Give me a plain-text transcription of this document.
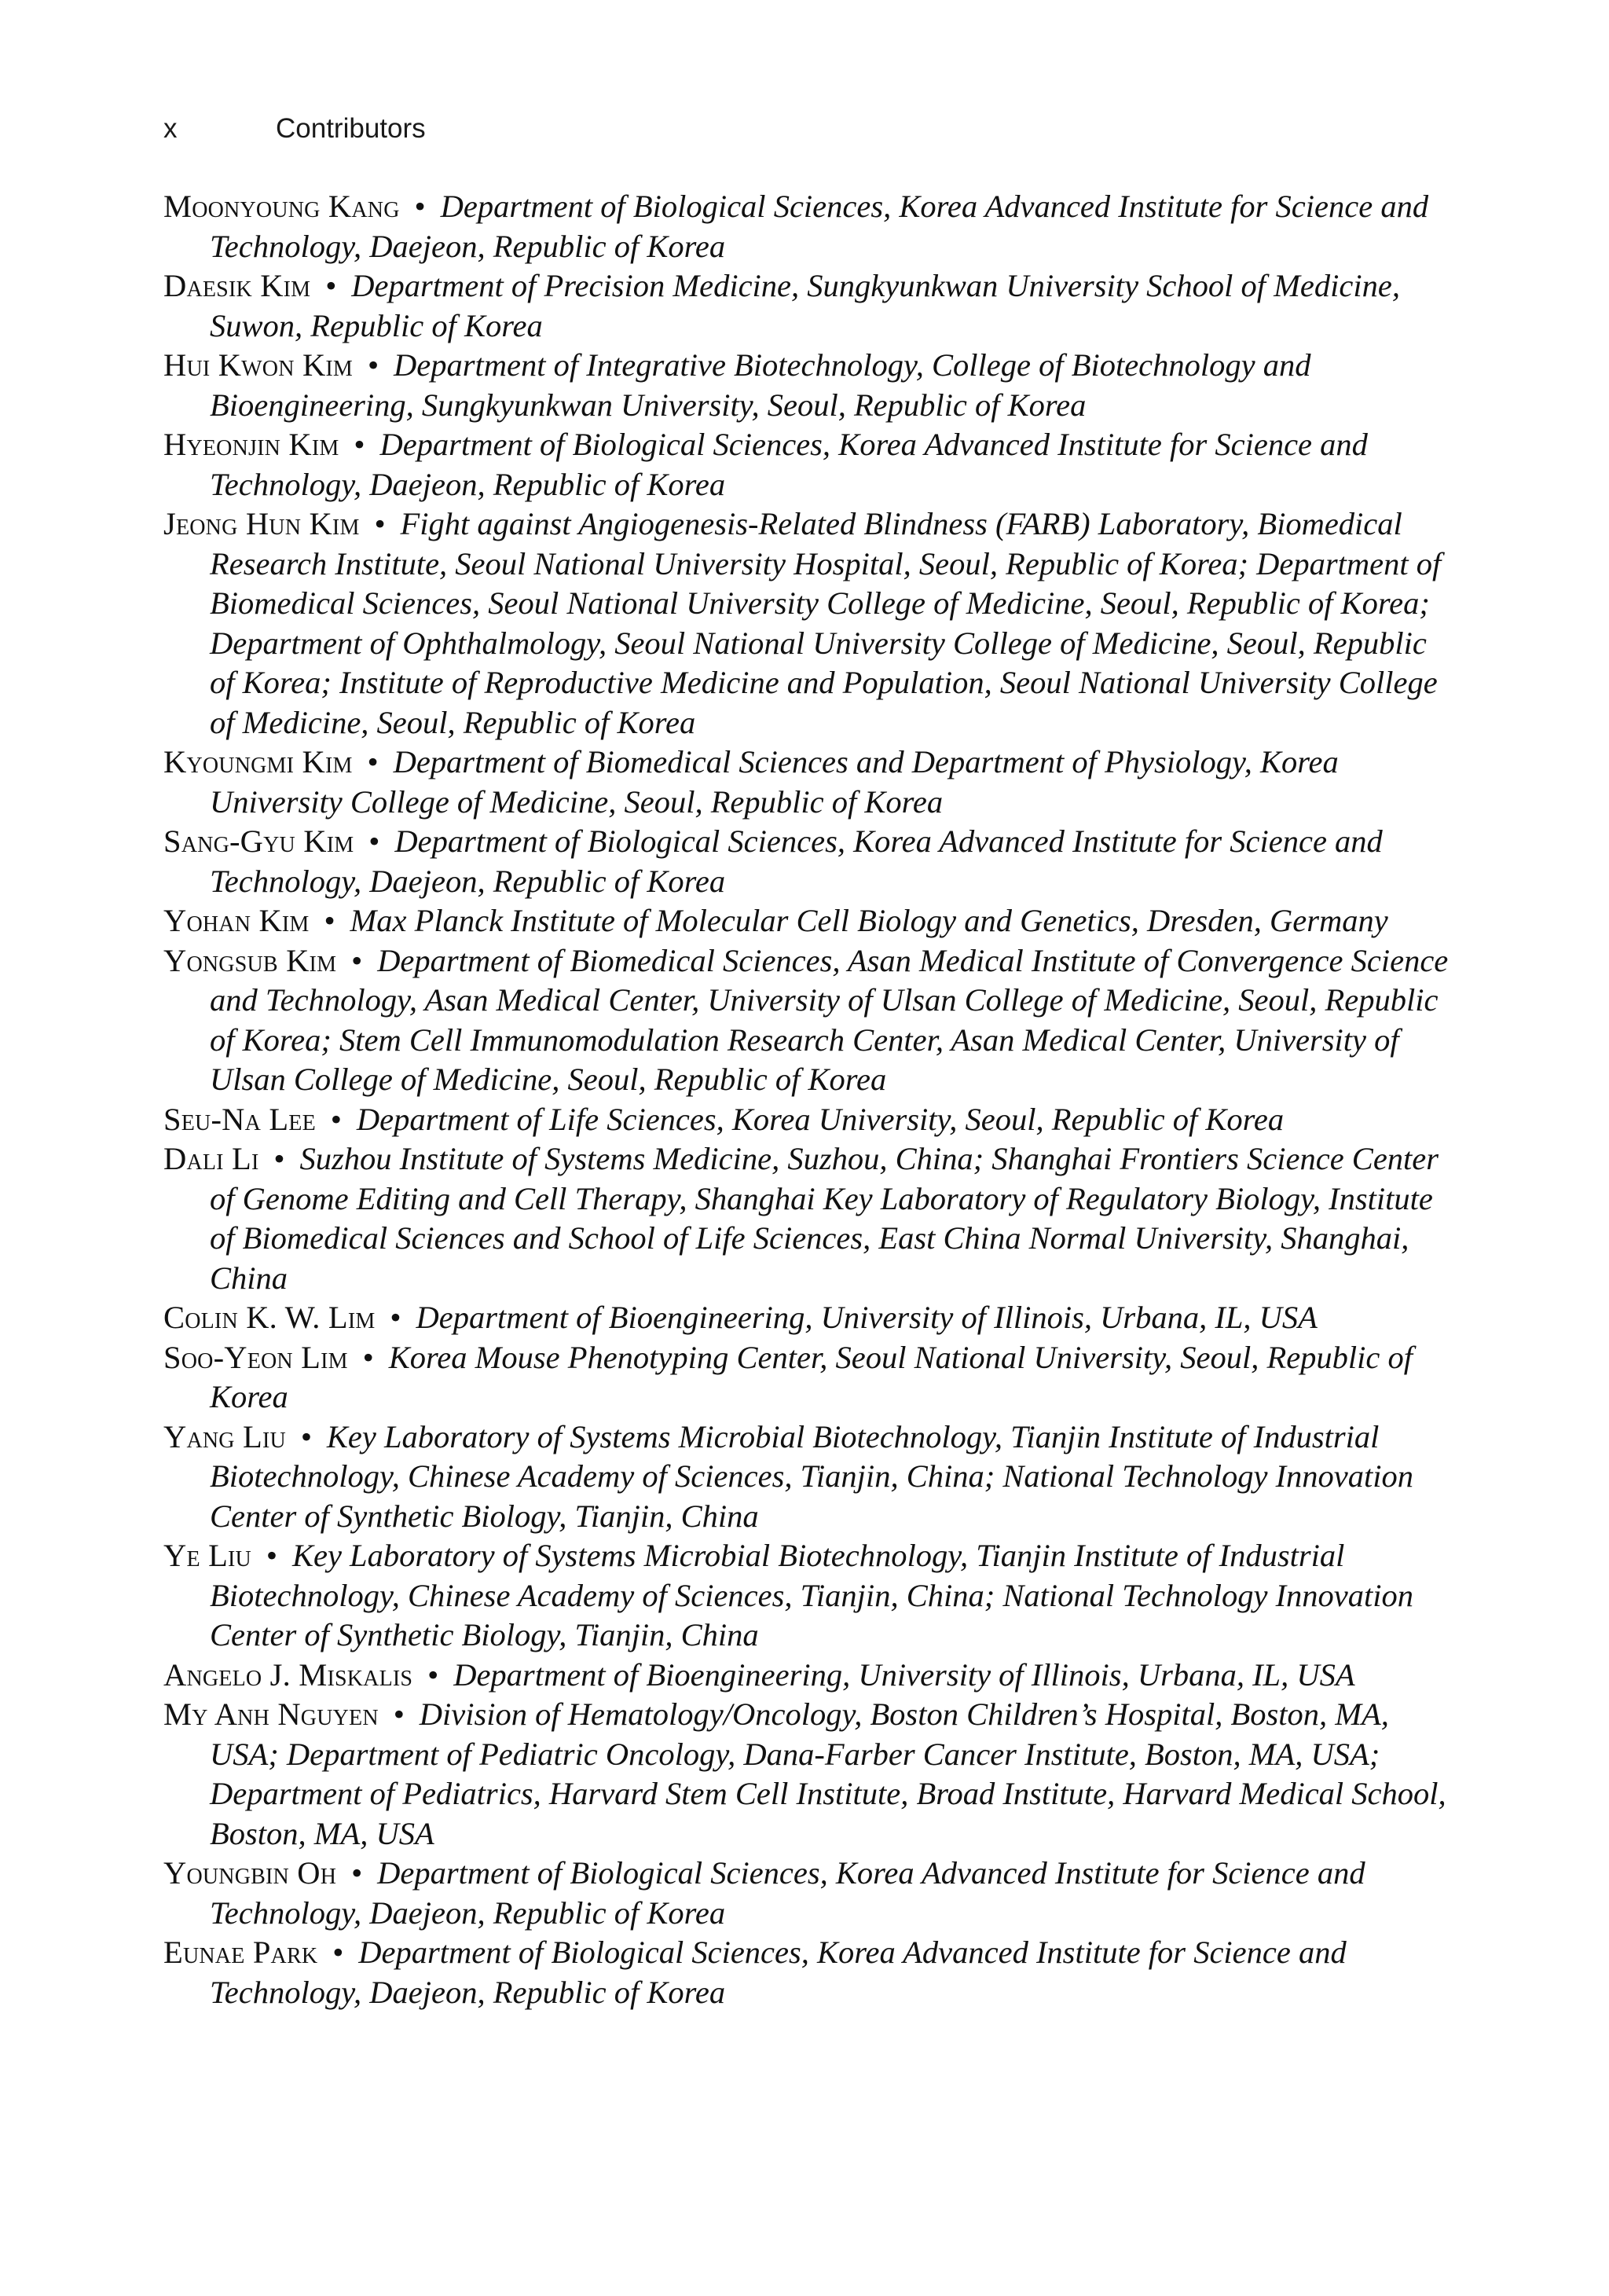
x	Contributors

Moonyoung Kang • Department of Biological Sciences, Korea Advanced Institute for Science and Technology, Daejeon, Republic of Korea

Daesik Kim • Department of Precision Medicine, Sungkyunkwan University School of Medicine, Suwon, Republic of Korea

Hui Kwon Kim • Department of Integrative Biotechnology, College of Biotechnology and Bioengineering, Sungkyunkwan University, Seoul, Republic of Korea

Hyeonjin Kim • Department of Biological Sciences, Korea Advanced Institute for Science and Technology, Daejeon, Republic of Korea

Jeong Hun Kim • Fight against Angiogenesis-Related Blindness (FARB) Laboratory, Biomedical Research Institute, Seoul National University Hospital, Seoul, Republic of Korea; Department of Biomedical Sciences, Seoul National University College of Medicine, Seoul, Republic of Korea; Department of Ophthalmology, Seoul National University College of Medicine, Seoul, Republic of Korea; Institute of Reproductive Medicine and Population, Seoul National University College of Medicine, Seoul, Republic of Korea

Kyoungmi Kim • Department of Biomedical Sciences and Department of Physiology, Korea University College of Medicine, Seoul, Republic of Korea

Sang-Gyu Kim • Department of Biological Sciences, Korea Advanced Institute for Science and Technology, Daejeon, Republic of Korea

Yohan Kim • Max Planck Institute of Molecular Cell Biology and Genetics, Dresden, Germany

Yongsub Kim • Department of Biomedical Sciences, Asan Medical Institute of Convergence Science and Technology, Asan Medical Center, University of Ulsan College of Medicine, Seoul, Republic of Korea; Stem Cell Immunomodulation Research Center, Asan Medical Center, University of Ulsan College of Medicine, Seoul, Republic of Korea

Seu-Na Lee • Department of Life Sciences, Korea University, Seoul, Republic of Korea

Dali Li • Suzhou Institute of Systems Medicine, Suzhou, China; Shanghai Frontiers Science Center of Genome Editing and Cell Therapy, Shanghai Key Laboratory of Regulatory Biology, Institute of Biomedical Sciences and School of Life Sciences, East China Normal University, Shanghai, China

Colin K. W. Lim • Department of Bioengineering, University of Illinois, Urbana, IL, USA

Soo-Yeon Lim • Korea Mouse Phenotyping Center, Seoul National University, Seoul, Republic of Korea

Yang Liu • Key Laboratory of Systems Microbial Biotechnology, Tianjin Institute of Industrial Biotechnology, Chinese Academy of Sciences, Tianjin, China; National Technology Innovation Center of Synthetic Biology, Tianjin, China

Ye Liu • Key Laboratory of Systems Microbial Biotechnology, Tianjin Institute of Industrial Biotechnology, Chinese Academy of Sciences, Tianjin, China; National Technology Innovation Center of Synthetic Biology, Tianjin, China

Angelo J. Miskalis • Department of Bioengineering, University of Illinois, Urbana, IL, USA

My Anh Nguyen • Division of Hematology/Oncology, Boston Children’s Hospital, Boston, MA, USA; Department of Pediatric Oncology, Dana-Farber Cancer Institute, Boston, MA, USA; Department of Pediatrics, Harvard Stem Cell Institute, Broad Institute, Harvard Medical School, Boston, MA, USA

Youngbin Oh • Department of Biological Sciences, Korea Advanced Institute for Science and Technology, Daejeon, Republic of Korea

Eunae Park • Department of Biological Sciences, Korea Advanced Institute for Science and Technology, Daejeon, Republic of Korea
